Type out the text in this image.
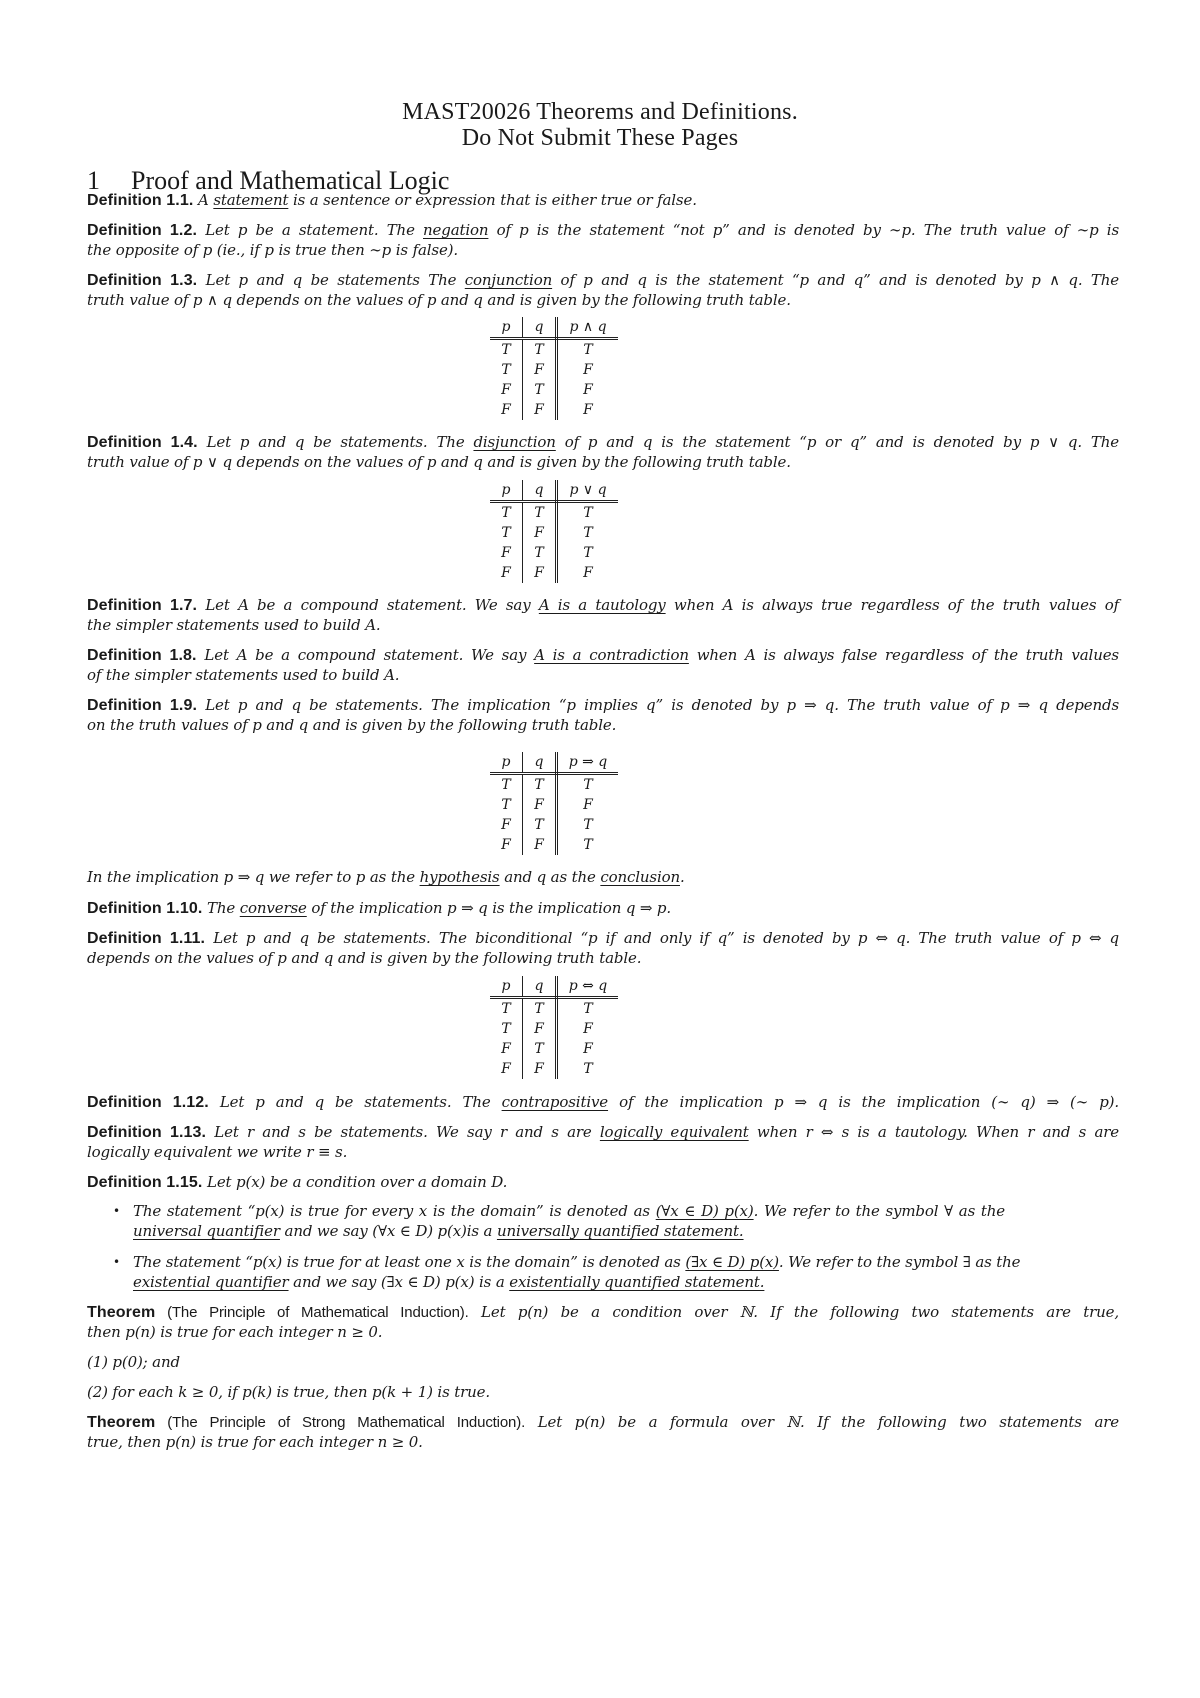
MAST20026 Theorems and Definitions.
Do Not Submit These Pages
1 Proof and Mathematical Logic
Definition 1.1. A statement is a sentence or expression that is either true or false.
Definition 1.2. Let p be a statement. The negation of p is the statement “not p” and is denoted by ∼p. The truth value of ∼p is
the opposite of p (ie., if p is true then ∼p is false).
Definition 1.3. Let p and q be statements The conjunction of p and q is the statement “p and q” and is denoted by p ∧ q. The
truth value of p ∧ q depends on the values of p and q and is given by the following truth table.
Definition 1.4. Let p and q be statements. The disjunction of p and q is the statement “p or q” and is denoted by p ∨ q. The
truth value of p ∨ q depends on the values of p and q and is given by the following truth table.
Definition 1.7. Let A be a compound statement. We say A is a tautology when A is always true regardless of the truth values of
the simpler statements used to build A.
Definition 1.8. Let A be a compound statement. We say A is a contradiction when A is always false regardless of the truth values
of the simpler statements used to build A.
Definition 1.9. Let p and q be statements. The implication “p implies q” is denoted by p ⇒ q. The truth value of p ⇒ q depends
on the truth values of p and q and is given by the following truth table.
In the implication p ⇒ q we refer to p as the hypothesis and q as the conclusion.
Definition 1.10. The converse of the implication p ⇒ q is the implication q ⇒ p.
Definition 1.11. Let p and q be statements. The biconditional “p if and only if q” is denoted by p ⇔ q. The truth value of p ⇔ q
depends on the values of p and q and is given by the following truth table.
Definition 1.12. Let p and q be statements. The contrapositive of the implication p ⇒ q is the implication (∼ q) ⇒ (∼ p).
Definition 1.13. Let r and s be statements. We say r and s are logically equivalent when r ⇔ s is a tautology. When r and s are
logically equivalent we write r ≡ s.
Definition 1.15. Let p(x) be a condition over a domain D.
The statement “p(x) is true for every x is the domain” is denoted as (∀x ∈ D) p(x). We refer to the symbol ∀ as the
•
universal quantifier and we say (∀x ∈ D) p(x)is a universally quantified statement.
The statement “p(x) is true for at least one x is the domain” is denoted as (∃x ∈ D) p(x). We refer to the symbol ∃ as the
•
existential quantifier and we say (∃x ∈ D) p(x) is a existentially quantified statement.
Theorem (The Principle of Mathematical Induction). Let p(n) be a condition over ℕ. If the following two statements are true,
then p(n) is true for each integer n ≥ 0.
(1) p(0); and
(2) for each k ≥ 0, if p(k) is true, then p(k + 1) is true.
Theorem (The Principle of Strong Mathematical Induction). Let p(n) be a formula over ℕ. If the following two statements are
true, then p(n) is true for each integer n ≥ 0.
p	q	p ∧ q
T	T	T
T	F	F
F	T	F
F	F	F
p	q	p ∨ q
T	T	T
T	F	T
F	T	T
F	F	F
p	q	p ⇒ q
T	T	T
T	F	F
F	T	T
F	F	T
p	q	p ⇔ q
T	T	T
T	F	F
F	T	F
F	F	T
